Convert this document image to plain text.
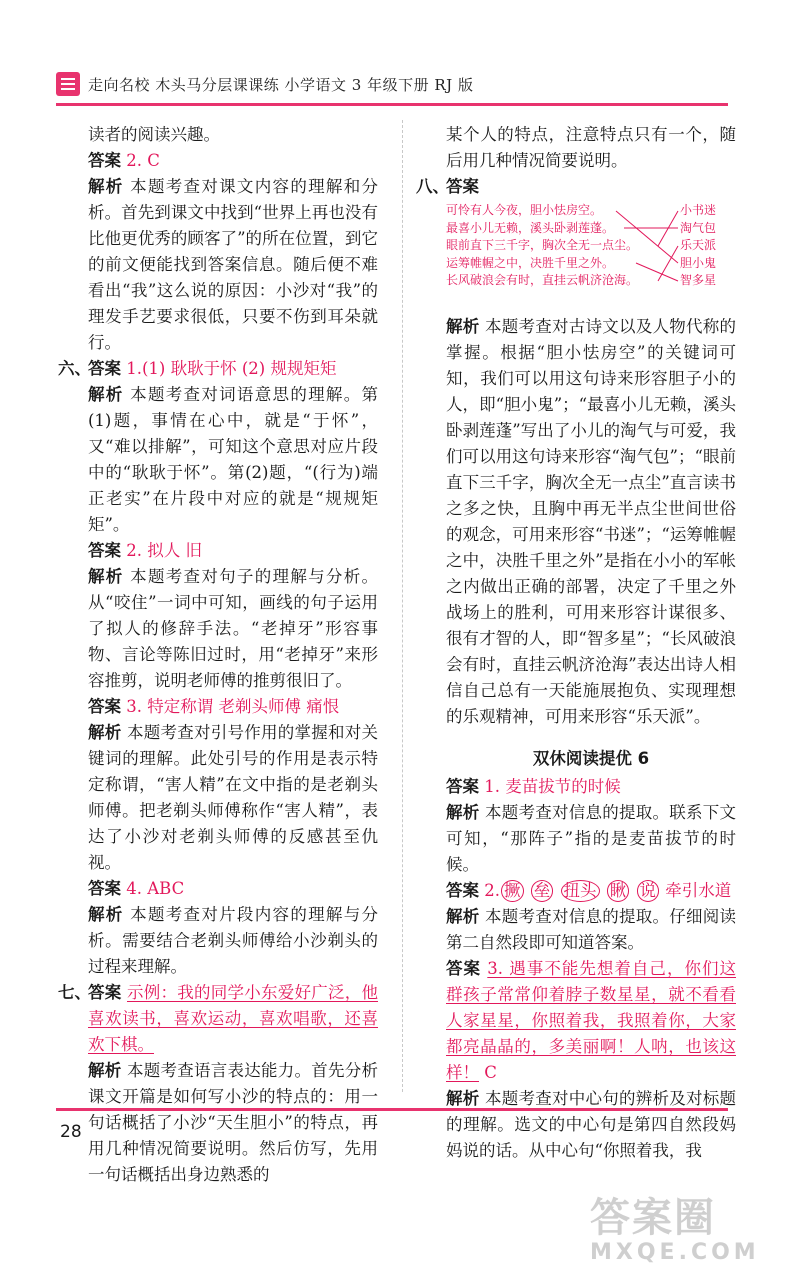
走向名校 木头马分层课课练 小学语文 3 年级下册 RJ 版

读者的阅读兴趣。

答案 2. C

解析 本题考查对课文内容的理解和分析。首先到课文中找到“世界上再也没有比他更优秀的顾客了”的所在位置，到它的前文便能找到答案信息。随后便不难看出“我”这么说的原因：小沙对“我”的理发手艺要求很低，只要不伤到耳朵就行。

六、
答案 1.(1) 耿耿于怀 (2) 规规矩矩

解析 本题考查对词语意思的理解。第(1)题，事情在心中，就是“于怀”，又“难以排解”，可知这个意思对应片段中的“耿耿于怀”。第(2)题，“(行为)端正老实”在片段中对应的就是“规规矩矩”。

答案 2. 拟人 旧

解析 本题考查对句子的理解与分析。从“咬住”一词中可知，画线的句子运用了拟人的修辞手法。“老掉牙”形容事物、言论等陈旧过时，用“老掉牙”来形容推剪，说明老师傅的推剪很旧了。

答案 3. 特定称谓 老剃头师傅 痛恨

解析 本题考查对引号作用的掌握和对关键词的理解。此处引号的作用是表示特定称谓，“害人精”在文中指的是老剃头师傅。把老剃头师傅称作“害人精”，表达了小沙对老剃头师傅的反感甚至仇视。

答案 4. ABC

解析 本题考查对片段内容的理解与分析。需要结合老剃头师傅给小沙剃头的过程来理解。

七、
答案 示例：我的同学小东爱好广泛，他喜欢读书，喜欢运动，喜欢唱歌，还喜欢下棋。

解析 本题考查语言表达能力。首先分析课文开篇是如何写小沙的特点的：用一句话概括了小沙“天生胆小”的特点，再用几种情况简要说明。然后仿写，先用一句话概括出身边熟悉的

某个人的特点，注意特点只有一个，随后用几种情况简要说明。

八、
答案

可怜有人今夜，胆小怯房空。
最喜小儿无赖，溪头卧剥莲蓬。
眼前直下三千字，胸次全无一点尘。
运筹帷幄之中，决胜千里之外。
长风破浪会有时，直挂云帆济沧海。
小书迷
淘气包
乐天派
胆小鬼
智多星

解析 本题考查对古诗文以及人物代称的掌握。根据“胆小怯房空”的关键词可知，我们可以用这句诗来形容胆子小的人，即“胆小鬼”；“最喜小儿无赖，溪头卧剥莲蓬”写出了小儿的淘气与可爱，我们可以用这句诗来形容“淘气包”；“眼前直下三千字，胸次全无一点尘”直言读书之多之快，且胸中再无半点尘世间世俗的观念，可用来形容“书迷”；“运筹帷幄之中，决胜千里之外”是指在小小的军帐之内做出正确的部署，决定了千里之外战场上的胜利，可用来形容计谋很多、很有才智的人，即“智多星”；“长风破浪会有时，直挂云帆济沧海”表达出诗人相信自己总有一天能施展抱负、实现理想的乐观精神，可用来形容“乐天派”。

双休阅读提优 6

答案 1. 麦苗拔节的时候

解析 本题考查对信息的提取。联系下文可知，“那阵子”指的是麦苗拔节的时候。

答案 2. 撅 垒 扭头 瞅 说 牵引水道

解析 本题考查对信息的提取。仔细阅读第二自然段即可知道答案。

答案 3. 遇事不能先想着自己，你们这群孩子常常仰着脖子数星星，就不看看人家星星，你照着我，我照着你，大家都亮晶晶的，多美丽啊！人呐，也该这样！ C

解析 本题考查对中心句的辨析及对标题的理解。选文的中心句是第四自然段妈妈说的话。从中心句“你照着我，我

28
答案圈
MXQE.COM
